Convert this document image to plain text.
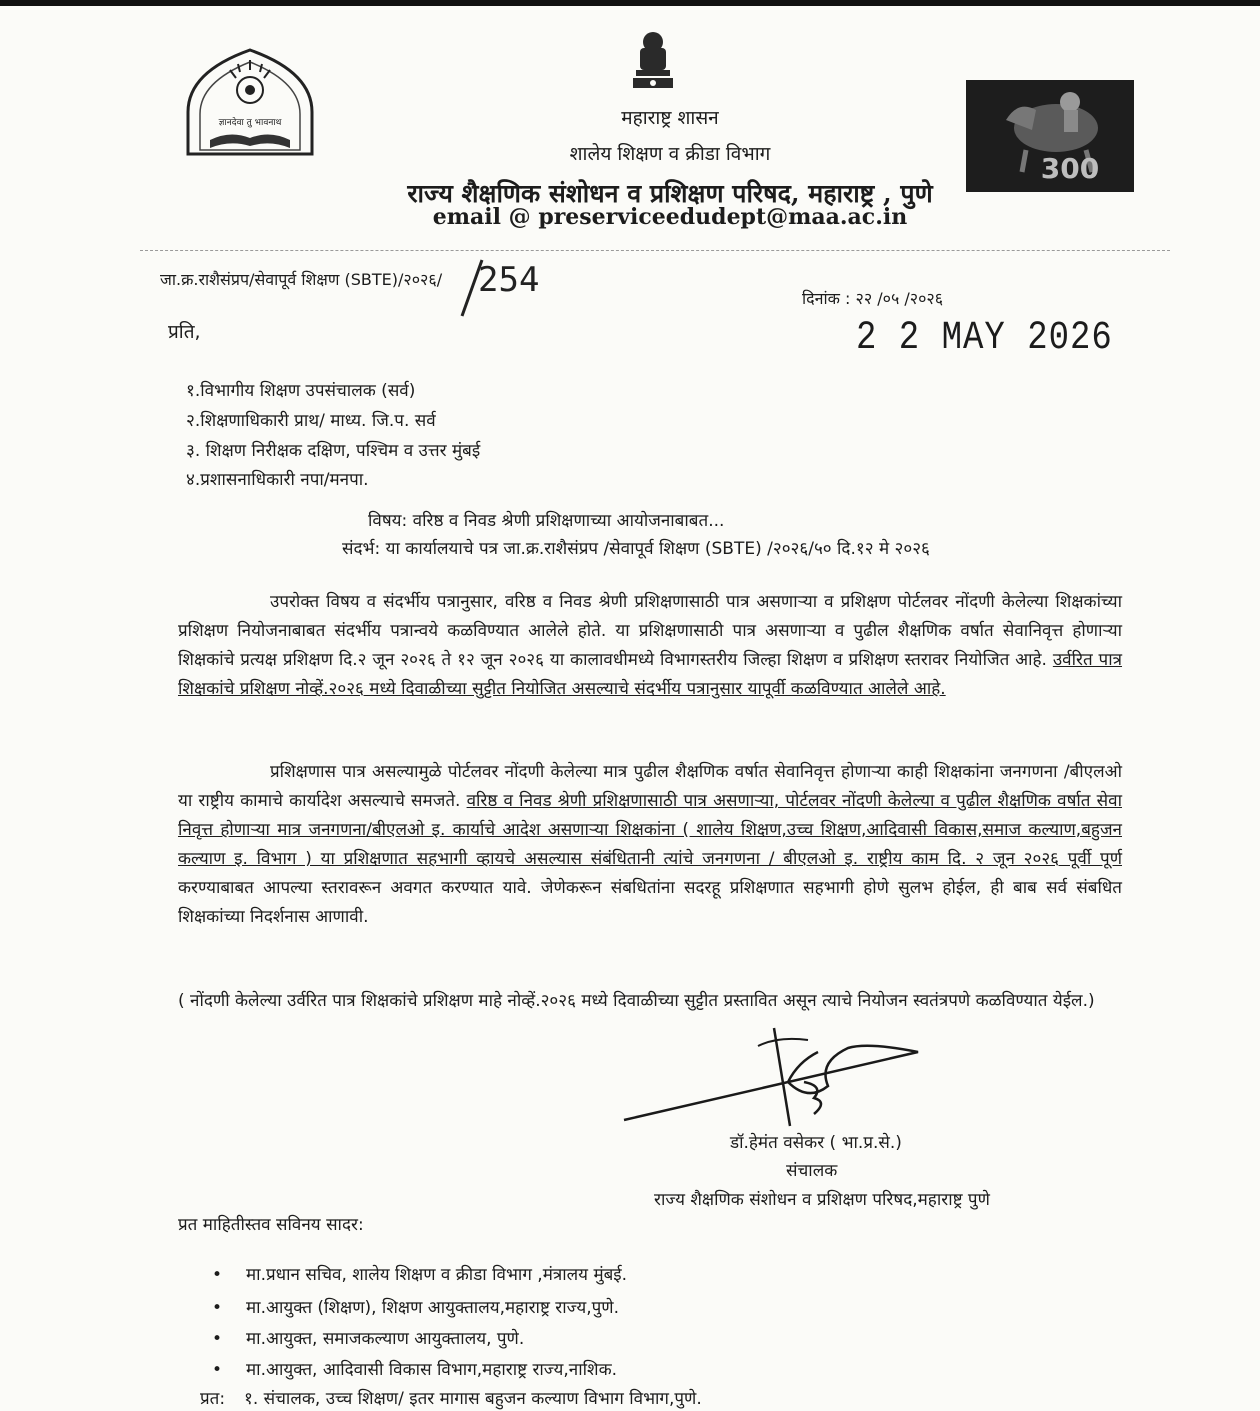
ज्ञानदेवा तु भावनाथ
300
महाराष्ट्र शासन
शालेय शिक्षण व क्रीडा विभाग
राज्य शैक्षणिक संशोधन व प्रशिक्षण परिषद, महाराष्ट्र , पुणे
email @ preserviceedudept@maa.ac.in
जा.क्र.राशैसंप्रप/सेवापूर्व शिक्षण (SBTE)/२०२६/ 254	दिनांक : २२ /०५ /२०२६
2 2 MAY 2026
प्रति,
१.विभागीय शिक्षण उपसंचालक (सर्व)
२.शिक्षणाधिकारी प्राथ/ माध्य. जि.प. सर्व
३. शिक्षण निरीक्षक दक्षिण, पश्चिम व उत्तर मुंबई
४.प्रशासनाधिकारी नपा/मनपा.
विषय: वरिष्ठ व निवड श्रेणी प्रशिक्षणाच्या आयोजनाबाबत...
संदर्भ: या कार्यालयाचे पत्र जा.क्र.राशैसंप्रप /सेवापूर्व शिक्षण (SBTE) /२०२६/५० दि.१२ मे २०२६
उपरोक्त विषय व संदर्भीय पत्रानुसार, वरिष्ठ व निवड श्रेणी प्रशिक्षणासाठी पात्र असणाऱ्या व प्रशिक्षण पोर्टलवर नोंदणी केलेल्या शिक्षकांच्या प्रशिक्षण नियोजनाबाबत संदर्भीय पत्रान्वये कळविण्यात आलेले होते. या प्रशिक्षणासाठी पात्र असणाऱ्या व पुढील शैक्षणिक वर्षात सेवानिवृत्त होणाऱ्या शिक्षकांचे प्रत्यक्ष प्रशिक्षण दि.२ जून २०२६ ते १२ जून २०२६ या कालावधीमध्ये विभागस्तरीय जिल्हा शिक्षण व प्रशिक्षण स्तरावर नियोजित आहे. उर्वरित पात्र शिक्षकांचे प्रशिक्षण नोव्हें.२०२६ मध्ये दिवाळीच्या सुट्टीत नियोजित असल्याचे संदर्भीय पत्रानुसार यापूर्वी कळविण्यात आलेले आहे.
प्रशिक्षणास पात्र असल्यामुळे पोर्टलवर नोंदणी केलेल्या मात्र पुढील शैक्षणिक वर्षात सेवानिवृत्त होणाऱ्या काही शिक्षकांना जनगणना /बीएलओ या राष्ट्रीय कामाचे कार्यादेश असल्याचे समजते. वरिष्ठ व निवड श्रेणी प्रशिक्षणासाठी पात्र असणाऱ्या, पोर्टलवर नोंदणी केलेल्या व पुढील शैक्षणिक वर्षात सेवा निवृत्त होणाऱ्या मात्र जनगणना/बीएलओ इ. कार्याचे आदेश असणाऱ्या शिक्षकांना ( शालेय शिक्षण,उच्च शिक्षण,आदिवासी विकास,समाज कल्याण,बहुजन कल्याण इ. विभाग ) या प्रशिक्षणात सहभागी व्हायचे असल्यास संबंधितानी त्यांचे जनगणना / बीएलओ इ. राष्ट्रीय काम दि. २ जून २०२६ पूर्वी पूर्ण करण्याबाबत आपल्या स्तरावरून अवगत करण्यात यावे. जेणेकरून संबधितांना सदरहू प्रशिक्षणात सहभागी होणे सुलभ होईल, ही बाब सर्व संबधित शिक्षकांच्या निदर्शनास आणावी.
( नोंदणी केलेल्या उर्वरित पात्र शिक्षकांचे प्रशिक्षण माहे नोव्हें.२०२६ मध्ये दिवाळीच्या सुट्टीत प्रस्तावित असून त्याचे नियोजन स्वतंत्रपणे कळविण्यात येईल.)
डॉ.हेमंत वसेकर ( भा.प्र.से.)
संचालक
राज्य शैक्षणिक संशोधन व प्रशिक्षण परिषद,महाराष्ट्र पुणे
प्रत माहितीस्तव सविनय सादर:
• मा.प्रधान सचिव, शालेय शिक्षण व क्रीडा विभाग ,मंत्रालय मुंबई.
• मा.आयुक्त (शिक्षण), शिक्षण आयुक्तालय,महाराष्ट्र राज्य,पुणे.
• मा.आयुक्त, समाजकल्याण आयुक्तालय, पुणे.
• मा.आयुक्त, आदिवासी विकास विभाग,महाराष्ट्र राज्य,नाशिक.
प्रत: १. संचालक, उच्च शिक्षण/ इतर मागास बहुजन कल्याण विभाग विभाग,पुणे.
